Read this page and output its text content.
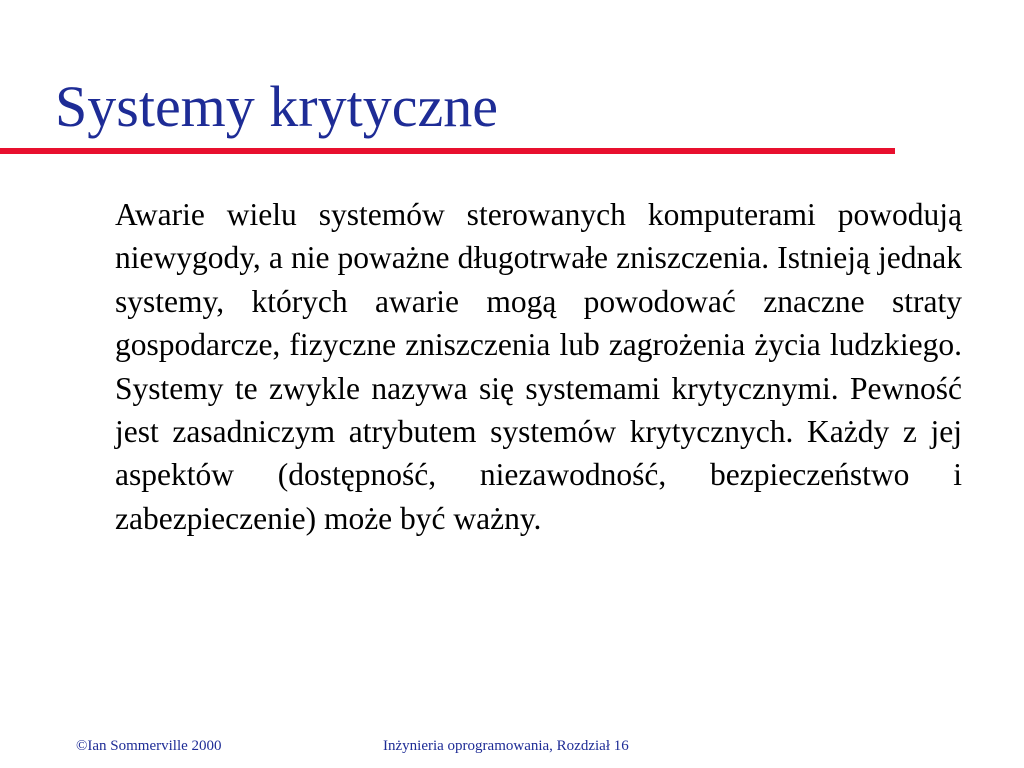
Systemy krytyczne

Awarie wielu systemów sterowanych komputerami powodują niewygody, a nie poważne długotrwałe zniszczenia. Istnieją jednak systemy, których awarie mogą powodować znaczne straty gospodarcze, fizyczne zniszczenia lub zagrożenia życia ludzkiego. Systemy te zwykle nazywa się systemami krytycznymi. Pewność jest zasadniczym atrybutem systemów krytycznych. Każdy z jej aspektów (dostępność, niezawodność, bezpieczeństwo i zabezpieczenie) może być ważny.

©Ian Sommerville 2000	Inżynieria oprogramowania, Rozdział 16
